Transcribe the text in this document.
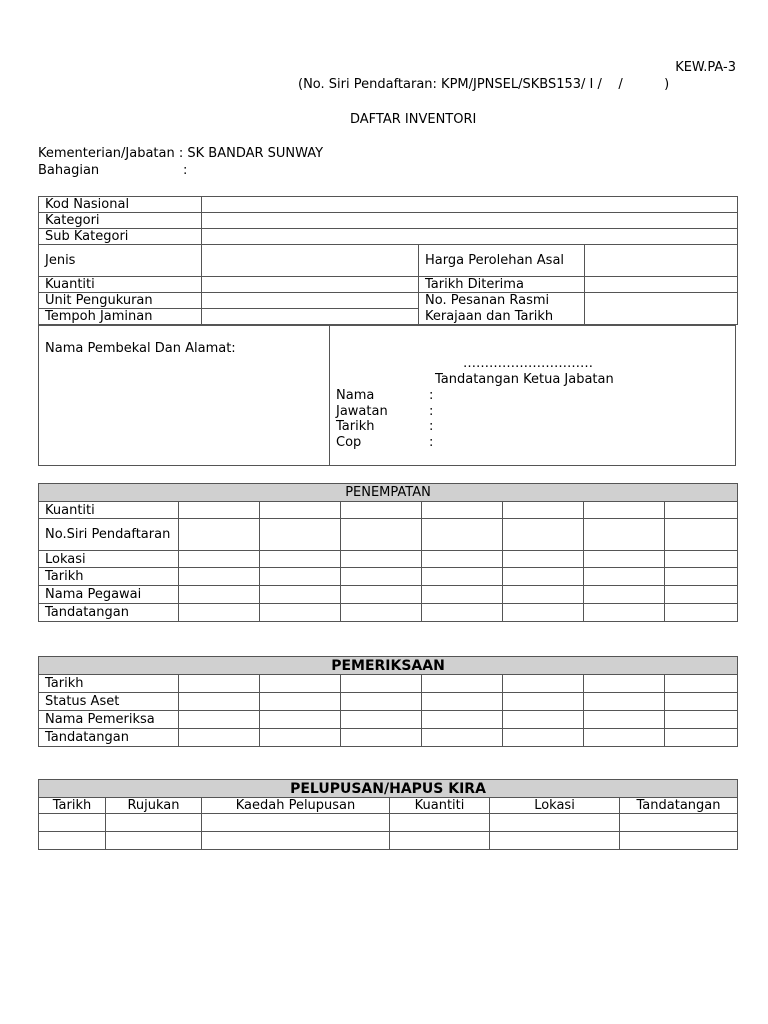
KEW.PA-3
(No. Siri Pendaftaran: KPM/JPNSEL/SKBS153/ I /    /          )
DAFTAR INVENTORI
Kementerian/Jabatan : SK BANDAR SUNWAY
Bahagian	:
Kod Nasional			
Kategori			
Sub Kategori			
Jenis		Harga Perolehan Asal	
Kuantiti		Tarikh Diterima	
Unit Pengukuran		No. Pesanan Rasmi	
Tempoh Jaminan		Kerajaan dan Tarikh	
Nama Pembekal Dan Alamat:
…………………………
Tandatangan Ketua Jabatan
Nama	:
Jawatan	:
Tarikh	:
Cop	:
PENEMPATAN							
Kuantiti							
No.Siri Pendaftaran							
Lokasi							
Tarikh							
Nama Pegawai							
Tandatangan							
PEMERIKSAAN							
Tarikh							
Status Aset							
Nama Pemeriksa							
Tandatangan							
PELUPUSAN/HAPUS KIRA					
Tarikh	Rujukan	Kaedah Pelupusan	Kuantiti	Lokasi	Tandatangan
